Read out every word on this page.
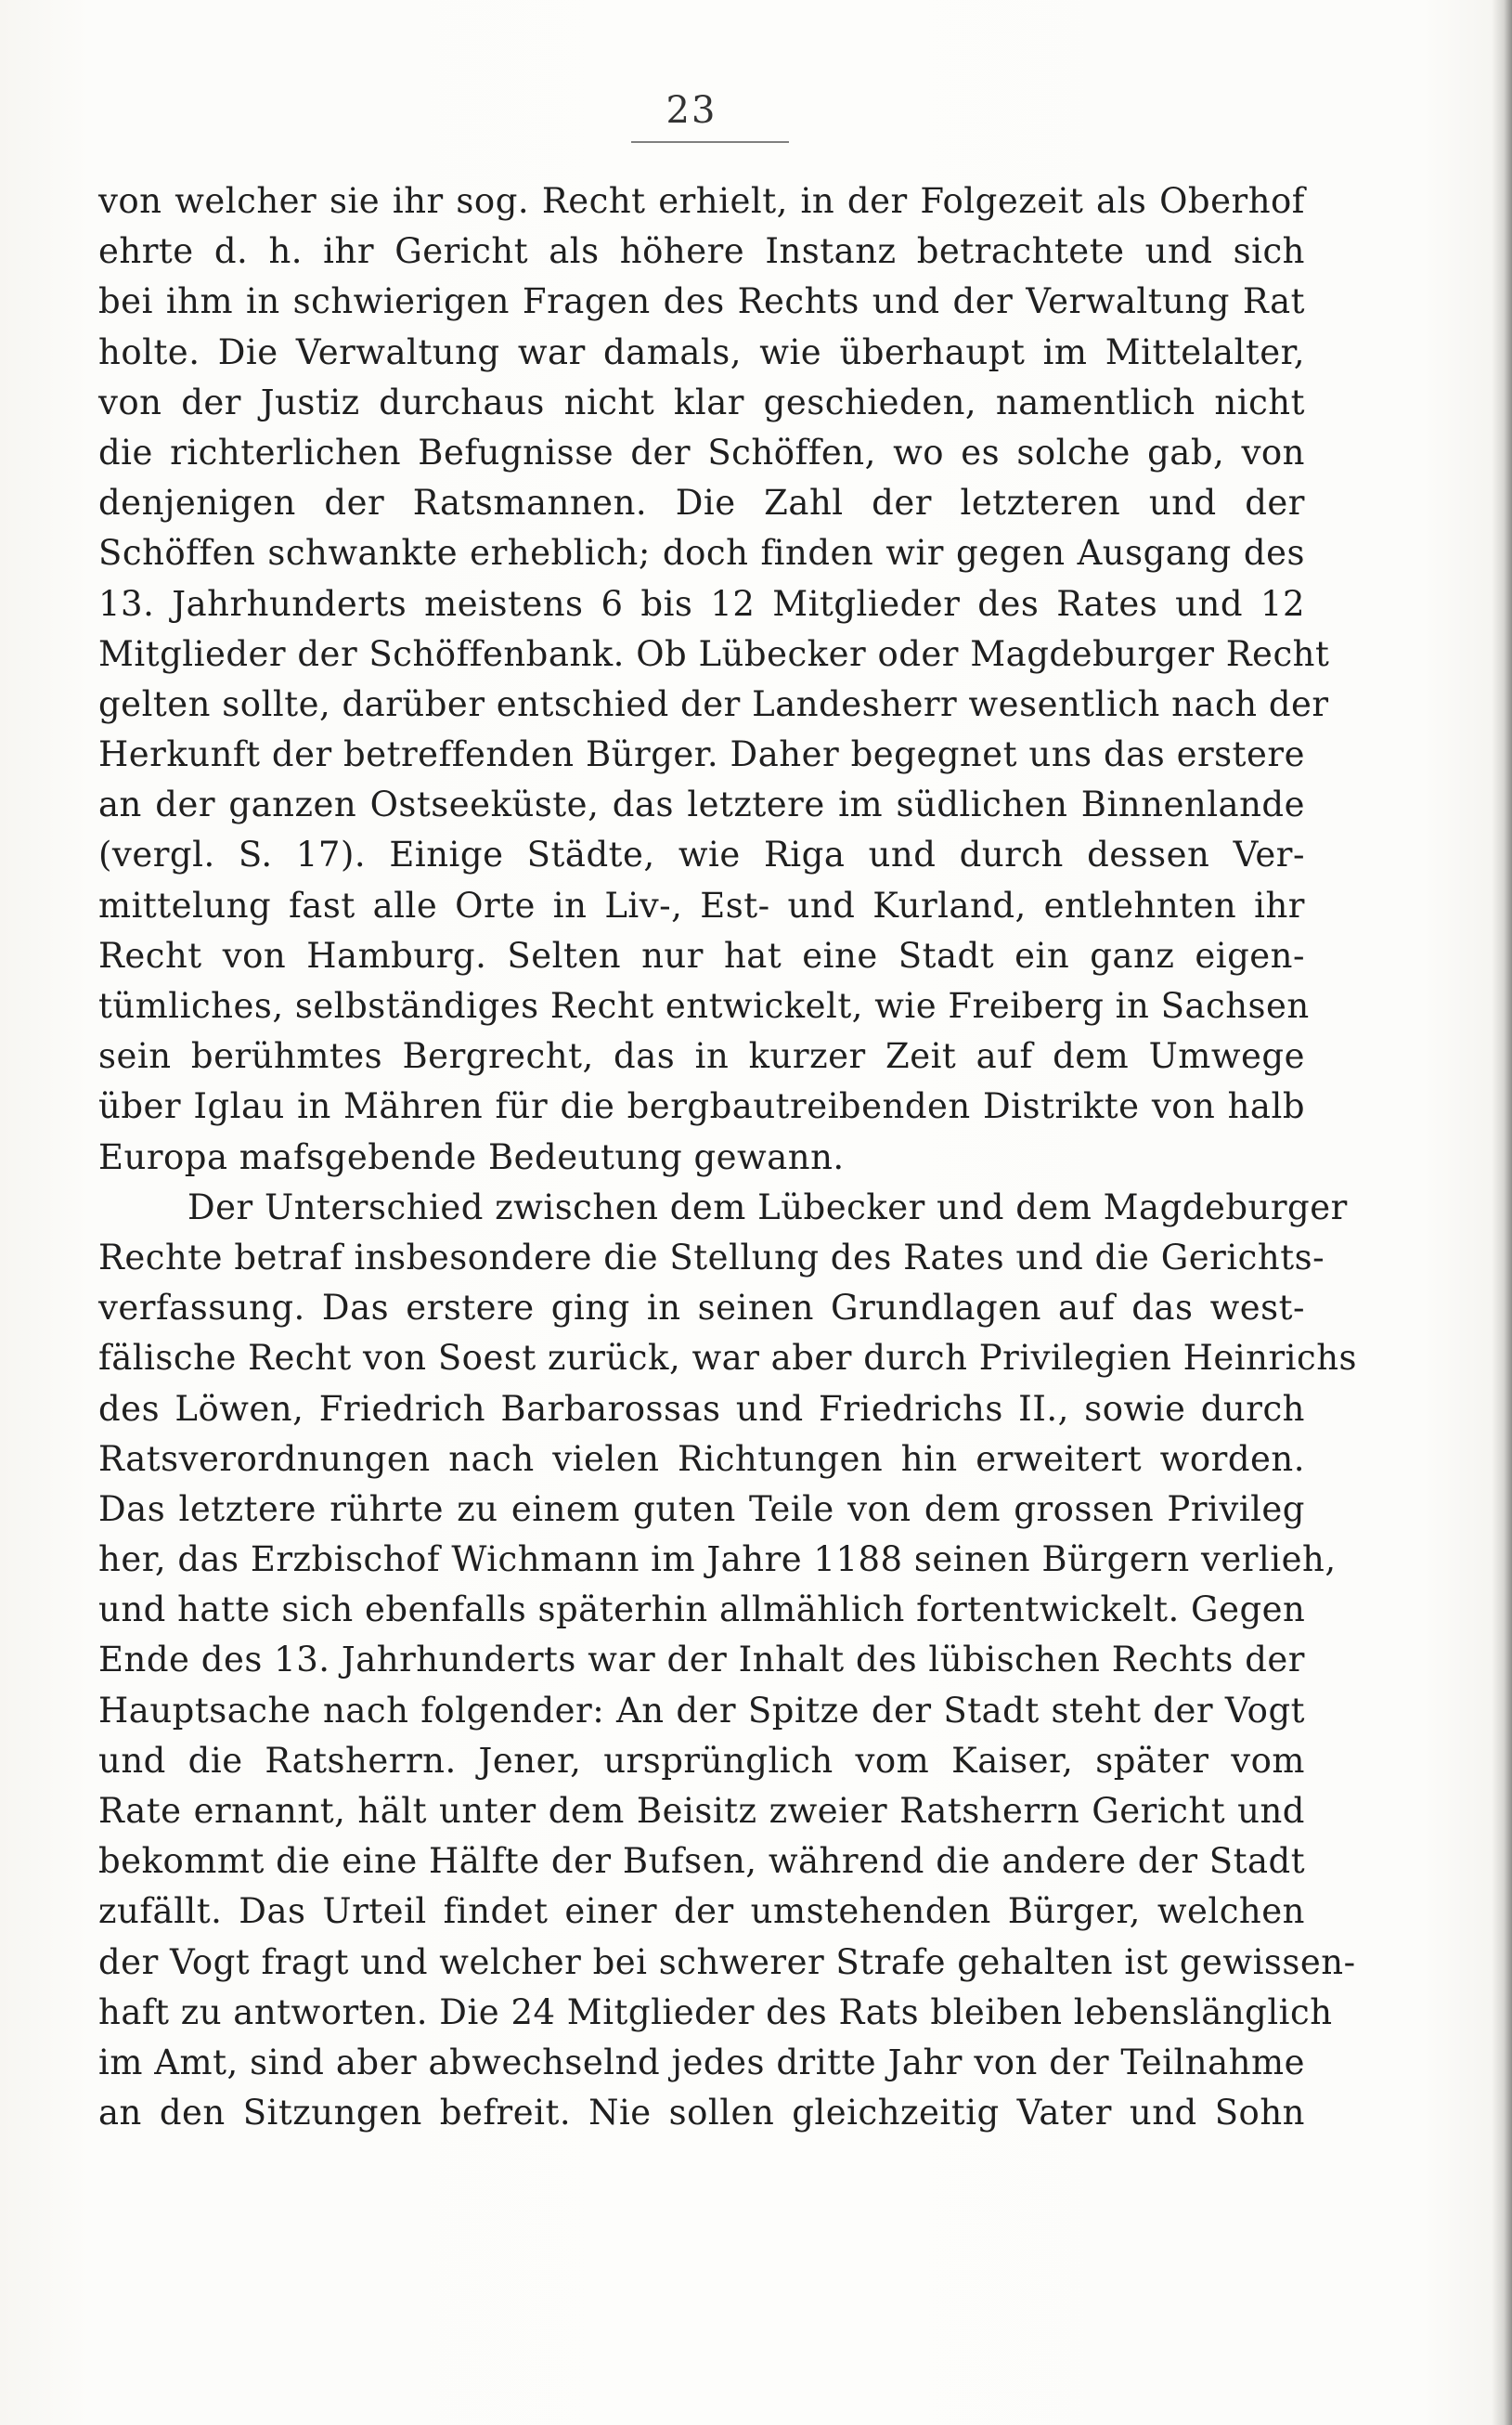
23
von welcher sie ihr sog. Recht erhielt, in der Folgezeit als Oberhof
ehrte d. h. ihr Gericht als höhere Instanz betrachtete und sich
bei ihm in schwierigen Fragen des Rechts und der Verwaltung Rat
holte. Die Verwaltung war damals, wie überhaupt im Mittelalter,
von der Justiz durchaus nicht klar geschieden, namentlich nicht
die richterlichen Befugnisse der Schöffen, wo es solche gab, von
denjenigen der Ratsmannen. Die Zahl der letzteren und der
Schöffen schwankte erheblich; doch finden wir gegen Ausgang des
13. Jahrhunderts meistens 6 bis 12 Mitglieder des Rates und 12
Mitglieder der Schöffenbank. Ob Lübecker oder Magdeburger Recht
gelten sollte, darüber entschied der Landesherr wesentlich nach der
Herkunft der betreffenden Bürger. Daher begegnet uns das erstere
an der ganzen Ostseeküste, das letztere im südlichen Binnenlande
(vergl. S. 17). Einige Städte, wie Riga und durch dessen Ver-
mittelung fast alle Orte in Liv-, Est- und Kurland, entlehnten ihr
Recht von Hamburg. Selten nur hat eine Stadt ein ganz eigen-
tümliches, selbständiges Recht entwickelt, wie Freiberg in Sachsen
sein berühmtes Bergrecht, das in kurzer Zeit auf dem Umwege
über Iglau in Mähren für die bergbautreibenden Distrikte von halb
Europa mafsgebende Bedeutung gewann.
Der Unterschied zwischen dem Lübecker und dem Magdeburger
Rechte betraf insbesondere die Stellung des Rates und die Gerichts-
verfassung. Das erstere ging in seinen Grundlagen auf das west-
fälische Recht von Soest zurück, war aber durch Privilegien Heinrichs
des Löwen, Friedrich Barbarossas und Friedrichs II., sowie durch
Ratsverordnungen nach vielen Richtungen hin erweitert worden.
Das letztere rührte zu einem guten Teile von dem grossen Privileg
her, das Erzbischof Wichmann im Jahre 1188 seinen Bürgern verlieh,
und hatte sich ebenfalls späterhin allmählich fortentwickelt. Gegen
Ende des 13. Jahrhunderts war der Inhalt des lübischen Rechts der
Hauptsache nach folgender: An der Spitze der Stadt steht der Vogt
und die Ratsherrn. Jener, ursprünglich vom Kaiser, später vom
Rate ernannt, hält unter dem Beisitz zweier Ratsherrn Gericht und
bekommt die eine Hälfte der Bufsen, während die andere der Stadt
zufällt. Das Urteil findet einer der umstehenden Bürger, welchen
der Vogt fragt und welcher bei schwerer Strafe gehalten ist gewissen-
haft zu antworten. Die 24 Mitglieder des Rats bleiben lebenslänglich
im Amt, sind aber abwechselnd jedes dritte Jahr von der Teilnahme
an den Sitzungen befreit. Nie sollen gleichzeitig Vater und Sohn
